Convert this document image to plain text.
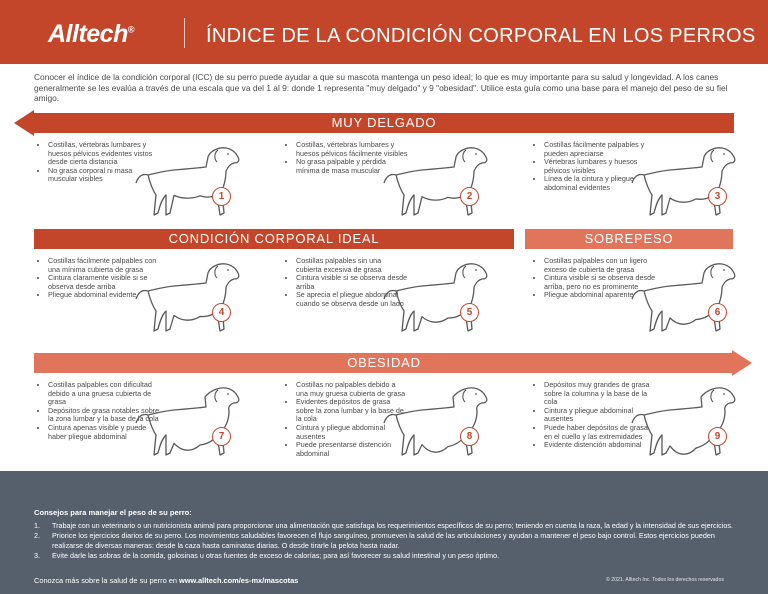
Alltech®	ÍNDICE DE LA CONDICIÓN CORPORAL EN LOS PERROS
Conocer el índice de la condición corporal (ICC) de su perro puede ayudar a que su mascota mantenga un peso ideal; lo que es muy importante para su salud y longevidad. A los canes generalmente se les evalúa a través de una escala que va del 1 al 9: donde 1 representa "muy delgado" y 9 "obesidad". Utilice esta guía como una base para el manejo del peso de su fiel amigo.
MUY DELGADO
CONDICIÓN CORPORAL IDEAL	SOBREPESO
OBESIDAD
• Costillas, vértebras lumbares y huesos pélvicos evidentes vistos desde cierta distancia
• No grasa corporal ni masa muscular visibles
1
• Costillas, vértebras lumbares y huesos pélvicos fácilmente visibles
• No grasa palpable y pérdida mínima de masa muscular
2
• Costillas fácilmente palpables y pueden apreciarse
• Vértebras lumbares y huesos pélvicos visibles
• Línea de la cintura y pliegue abdominal evidentes
3
• Costillas fácilmente palpables con una mínima cubierta de grasa
• Cintura claramente visible si se observa desde arriba
• Pliegue abdominal evidente
4
• Costillas palpables sin una cubierta excesiva de grasa
• Cintura visible si se observa desde arriba
• Se aprecia el pliegue abdominal cuando se observa desde un lado
5
• Costillas palpables con un ligero exceso de cubierta de grasa
• Cintura visible si se observa desde arriba, pero no es prominente
• Pliegue abdominal aparente
6
• Costillas palpables con dificultad debido a una gruesa cubierta de grasa
• Depósitos de grasa notables sobre la zona lumbar y la base de la cola
• Cintura apenas visible y puede haber pliegue abdominal	7
• Costillas no palpables debido a una muy gruesa cubierta de grasa
• Evidentes depósitos de grasa sobre la zona lumbar y la base de la cola
• Cintura y pliegue abdominal ausentes
• Puede presentarse distención abdominal
8
• Depósitos muy grandes de grasa sobre la columna y la base de la cola
• Cintura y pliegue abdominal ausentes
• Puede haber depósitos de grasa en el cuello y las extremidades
• Evidente distención abdominal
9
Consejos para manejar el peso de su perro:
1. Trabaje con un veterinario o un nutricionista animal para proporcionar una alimentación que satisfaga los requerimientos específicos de su perro; teniendo en cuenta la raza, la edad y la intensidad de sus ejercicios.
2. Priorice los ejercicios diarios de su perro. Los movimientos saludables favorecen el flujo sanguíneo, promueven la salud de las articulaciones y ayudan a mantener el peso bajo control. Estos ejercicios pueden realizarse de diversas maneras: desde la caza hasta caminatas diarias. O desde tirarle la pelota hasta nadar.
3. Evite darle las sobras de la comida, golosinas u otras fuentes de exceso de calorías; para así favorecer su salud intestinal y un peso óptimo.
Conozca más sobre la salud de su perro en www.alltech.com/es-mx/mascotas	© 2021. Alltech Inc. Todos los derechos reservados
